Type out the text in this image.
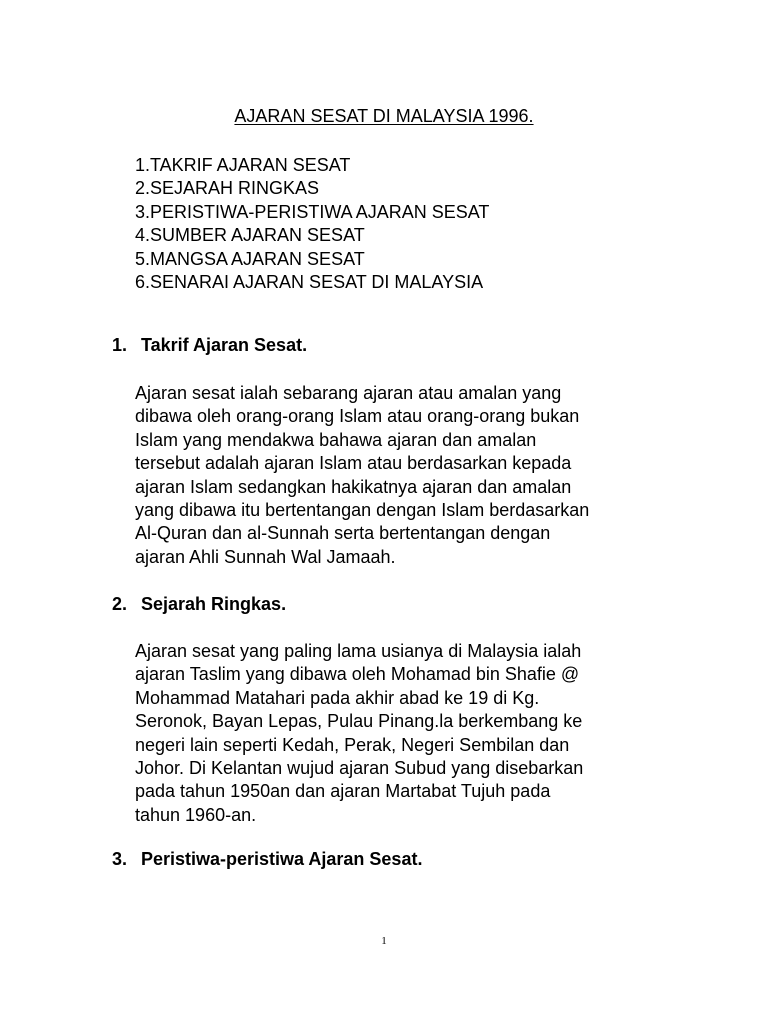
AJARAN SESAT DI MALAYSIA 1996.
1.TAKRIF AJARAN SESAT
2.SEJARAH RINGKAS
3.PERISTIWA-PERISTIWA AJARAN SESAT
4.SUMBER AJARAN SESAT
5.MANGSA AJARAN SESAT
6.SENARAI AJARAN SESAT DI MALAYSIA
1. Takrif Ajaran Sesat.

Ajaran sesat ialah sebarang ajaran atau amalan yang
dibawa oleh orang-orang Islam atau orang-orang bukan
Islam yang mendakwa bahawa ajaran dan amalan
tersebut adalah ajaran Islam atau berdasarkan kepada
ajaran Islam sedangkan hakikatnya ajaran dan amalan
yang dibawa itu bertentangan dengan Islam berdasarkan
Al-Quran dan al-Sunnah serta bertentangan dengan
ajaran Ahli Sunnah Wal Jamaah.

2. Sejarah Ringkas.

Ajaran sesat yang paling lama usianya di Malaysia ialah
ajaran Taslim yang dibawa oleh Mohamad bin Shafie @
Mohammad Matahari pada akhir abad ke 19 di Kg.
Seronok, Bayan Lepas, Pulau Pinang.la berkembang ke
negeri lain seperti Kedah, Perak, Negeri Sembilan dan
Johor. Di Kelantan wujud ajaran Subud yang disebarkan
pada tahun 1950an dan ajaran Martabat Tujuh pada
tahun 1960-an.

3. Peristiwa-peristiwa Ajaran Sesat.
1
